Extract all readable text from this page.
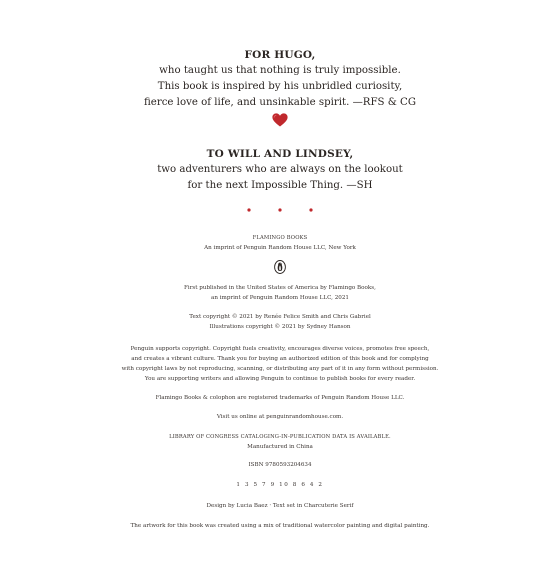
FOR HUGO,
who taught us that nothing is truly impossible.
This book is inspired by his unbridled curiosity,
fierce love of life, and unsinkable spirit. —RFS & CG
TO WILL AND LINDSEY,
two adventurers who are always on the lookout
for the next Impossible Thing. —SH
FLAMINGO BOOKS
An imprint of Penguin Random House LLC, New York
First published in the United States of America by Flamingo Books,
an imprint of Penguin Random House LLC, 2021
Text copyright © 2021 by Renée Felice Smith and Chris Gabriel
Illustrations copyright © 2021 by Sydney Hanson
Penguin supports copyright. Copyright fuels creativity, encourages diverse voices, promotes free speech,
and creates a vibrant culture. Thank you for buying an authorized edition of this book and for complying
with copyright laws by not reproducing, scanning, or distributing any part of it in any form without permission.
You are supporting writers and allowing Penguin to continue to publish books for every reader.
Flamingo Books & colophon are registered trademarks of Penguin Random House LLC.
Visit us online at penguinrandomhouse.com.
LIBRARY OF CONGRESS CATALOGING-IN-PUBLICATION DATA IS AVAILABLE.
Manufactured in China
ISBN 9780593204634
1 3 5 7 9 10 8 6 4 2
Design by Lucia Baez · Text set in Charcuterie Serif
The artwork for this book was created using a mix of traditional watercolor painting and digital painting.
